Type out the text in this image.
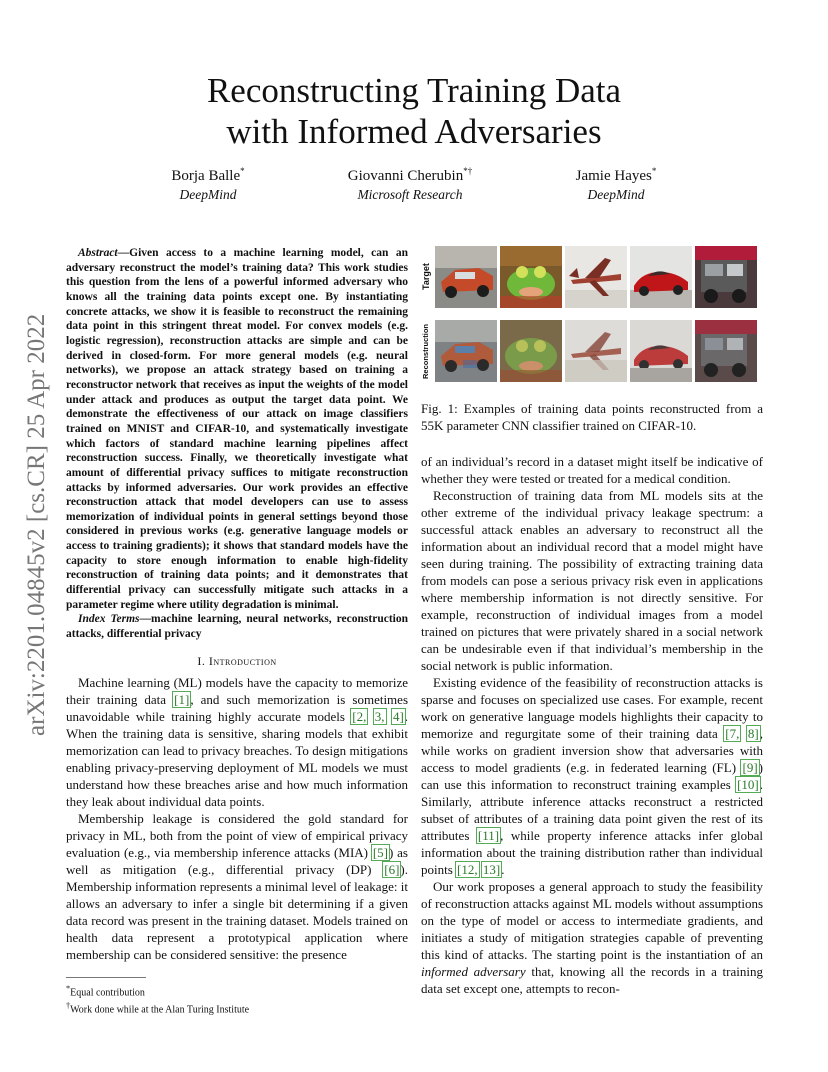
arXiv:2201.04845v2 [cs.CR] 25 Apr 2022
Reconstructing Training Data
with Informed Adversaries
Borja Balle*
DeepMind
Giovanni Cherubin*†
Microsoft Research
Jamie Hayes*
DeepMind

Abstract—Given access to a machine learning model, can an adversary reconstruct the model’s training data? This work studies this question from the lens of a powerful informed adversary who knows all the training data points except one. By instantiating concrete attacks, we show it is feasible to reconstruct the remaining data point in this stringent threat model. For convex models (e.g. logistic regression), reconstruction attacks are simple and can be derived in closed-form. For more general models (e.g. neural networks), we propose an attack strategy based on training a reconstructor network that receives as input the weights of the model under attack and produces as output the target data point. We demonstrate the effectiveness of our attack on image classifiers trained on MNIST and CIFAR-10, and systematically investigate which factors of standard machine learning pipelines affect reconstruction success. Finally, we theoretically investigate what amount of differential privacy suffices to mitigate reconstruction attacks by informed adversaries. Our work provides an effective reconstruction attack that model developers can use to assess memorization of individual points in general settings beyond those considered in previous works (e.g. generative language models or access to training gradients); it shows that standard models have the capacity to store enough information to enable high-fidelity reconstruction of training data points; and it demonstrates that differential privacy can successfully mitigate such attacks in a parameter regime where utility degradation is minimal.

Index Terms—machine learning, neural networks, reconstruction attacks, differential privacy

I. Introduction

Machine learning (ML) models have the capacity to memorize their training data [1], and such memorization is sometimes unavoidable while training highly accurate models [2, 3, 4]. When the training data is sensitive, sharing models that exhibit memorization can lead to privacy breaches. To design mitigations enabling privacy-preserving deployment of ML models we must understand how these breaches arise and how much information they leak about individual data points.

Membership leakage is considered the gold standard for privacy in ML, both from the point of view of empirical privacy evaluation (e.g., via membership inference attacks (MIA) [5]) as well as mitigation (e.g., differential privacy (DP) [6]). Membership information represents a minimal level of leakage: it allows an adversary to infer a single bit determining if a given data record was present in the training dataset. Models trained on health data represent a prototypical application where membership can be considered sensitive: the presence

*Equal contribution
†Work done while at the Alan Turing Institute
Target
Reconstruction

Fig. 1: Examples of training data points reconstructed from a 55K parameter CNN classifier trained on CIFAR-10.

of an individual’s record in a dataset might itself be indicative of whether they were tested or treated for a medical condition.

Reconstruction of training data from ML models sits at the other extreme of the individual privacy leakage spectrum: a successful attack enables an adversary to reconstruct all the information about an individual record that a model might have seen during training. The possibility of extracting training data from models can pose a serious privacy risk even in applications where membership information is not directly sensitive. For example, reconstruction of individual images from a model trained on pictures that were privately shared in a social network can be undesirable even if that individual’s membership in the social network is public information.

Existing evidence of the feasibility of reconstruction attacks is sparse and focuses on specialized use cases. For example, recent work on generative language models highlights their capacity to memorize and regurgitate some of their training data [7, 8], while works on gradient inversion show that adversaries with access to model gradients (e.g. in federated learning (FL) [9]) can use this information to reconstruct training examples [10]. Similarly, attribute inference attacks reconstruct a restricted subset of attributes of a training data point given the rest of its attributes [11], while property inference attacks infer global information about the training distribution rather than individual points [12, 13].

Our work proposes a general approach to study the feasibility of reconstruction attacks against ML models without assumptions on the type of model or access to intermediate gradients, and initiates a study of mitigation strategies capable of preventing this kind of attacks. The starting point is the instantiation of an informed adversary that, knowing all the records in a training data set except one, attempts to recon-
